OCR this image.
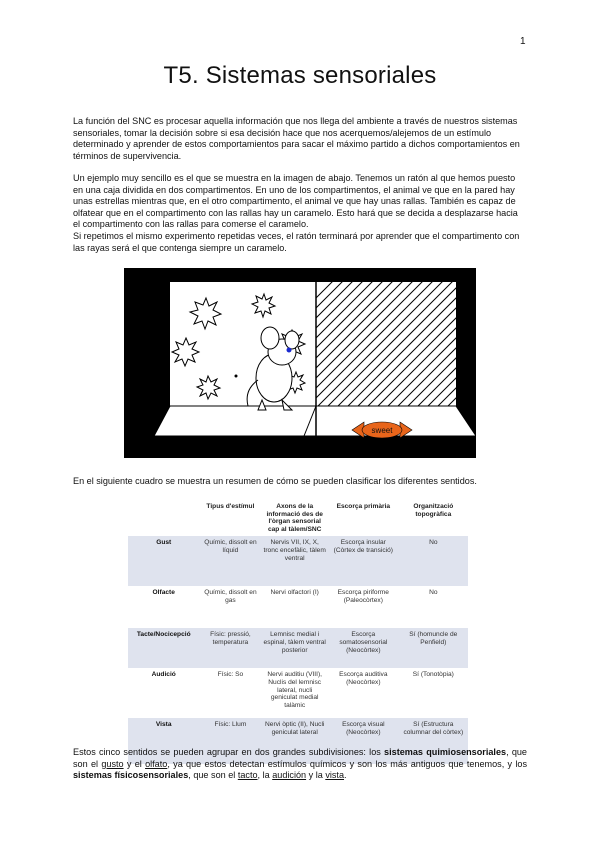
1
T5. Sistemas sensoriales

La función del SNC es procesar aquella información que nos llega del ambiente a través de nuestros sistemas sensoriales, tomar la decisión sobre si esa decisión hace que nos acerquemos/alejemos de un estímulo determinado y aprender de estos comportamientos para sacar el máximo partido a dichos comportamientos en términos de supervivencia.

Un ejemplo muy sencillo es el que se muestra en la imagen de abajo. Tenemos un ratón al que hemos puesto en una caja dividida en dos compartimentos. En uno de los compartimentos, el animal ve que en la pared hay unas estrellas mientras que, en el otro compartimento, el animal ve que hay unas rallas. También es capaz de olfatear que en el compartimento con las rallas hay un caramelo. Esto hará que se decida a desplazarse hacia el compartimento con las rallas para comerse el caramelo.
Si repetimos el mismo experimento repetidas veces, el ratón terminará por aprender que el compartimento con las rayas será el que contenga siempre un caramelo.
sweet

En el siguiente cuadro se muestra un resumen de cómo se pueden clasificar los diferentes sentidos.

	Tipus d'estímul	Axons de la informació des de l'òrgan sensorial cap al tàlem/SNC	Escorça primària	Organització topogràfica
Gust	Químic, dissolt en líquid	Nervis VII, IX, X, tronc encefàlic, tàlem ventral	Escorça insular (Còrtex de transició)	No
Olfacte	Químic, dissolt en gas	Nervi olfactori (I)	Escorça piriforme (Paleocòrtex)	No
Tacte/Nocicepció	Físic: pressió, temperatura	Lemnisc medial i espinal, tàlem ventral posterior	Escorça somatosensorial (Neocòrtex)	Sí (homuncle de Penfield)
Audició	Físic: So	Nervi auditiu (VIII), Nuclis del lemnisc lateral, nucli geniculat medial talàmic	Escorça auditiva (Neocòrtex)	Sí (Tonotòpia)
Vista	Físic: Llum	Nervi òptic (II), Nucli geniculat lateral	Escorça visual (Neocòrtex)	Sí (Estructura columnar del còrtex)

Estos cinco sentidos se pueden agrupar en dos grandes subdivisiones: los sistemas quimiosensoriales, que son el gusto y el olfato, ya que estos detectan estímulos químicos y son los más antiguos que tenemos, y los sistemas físicosensoriales, que son el tacto, la audición y la vista.
